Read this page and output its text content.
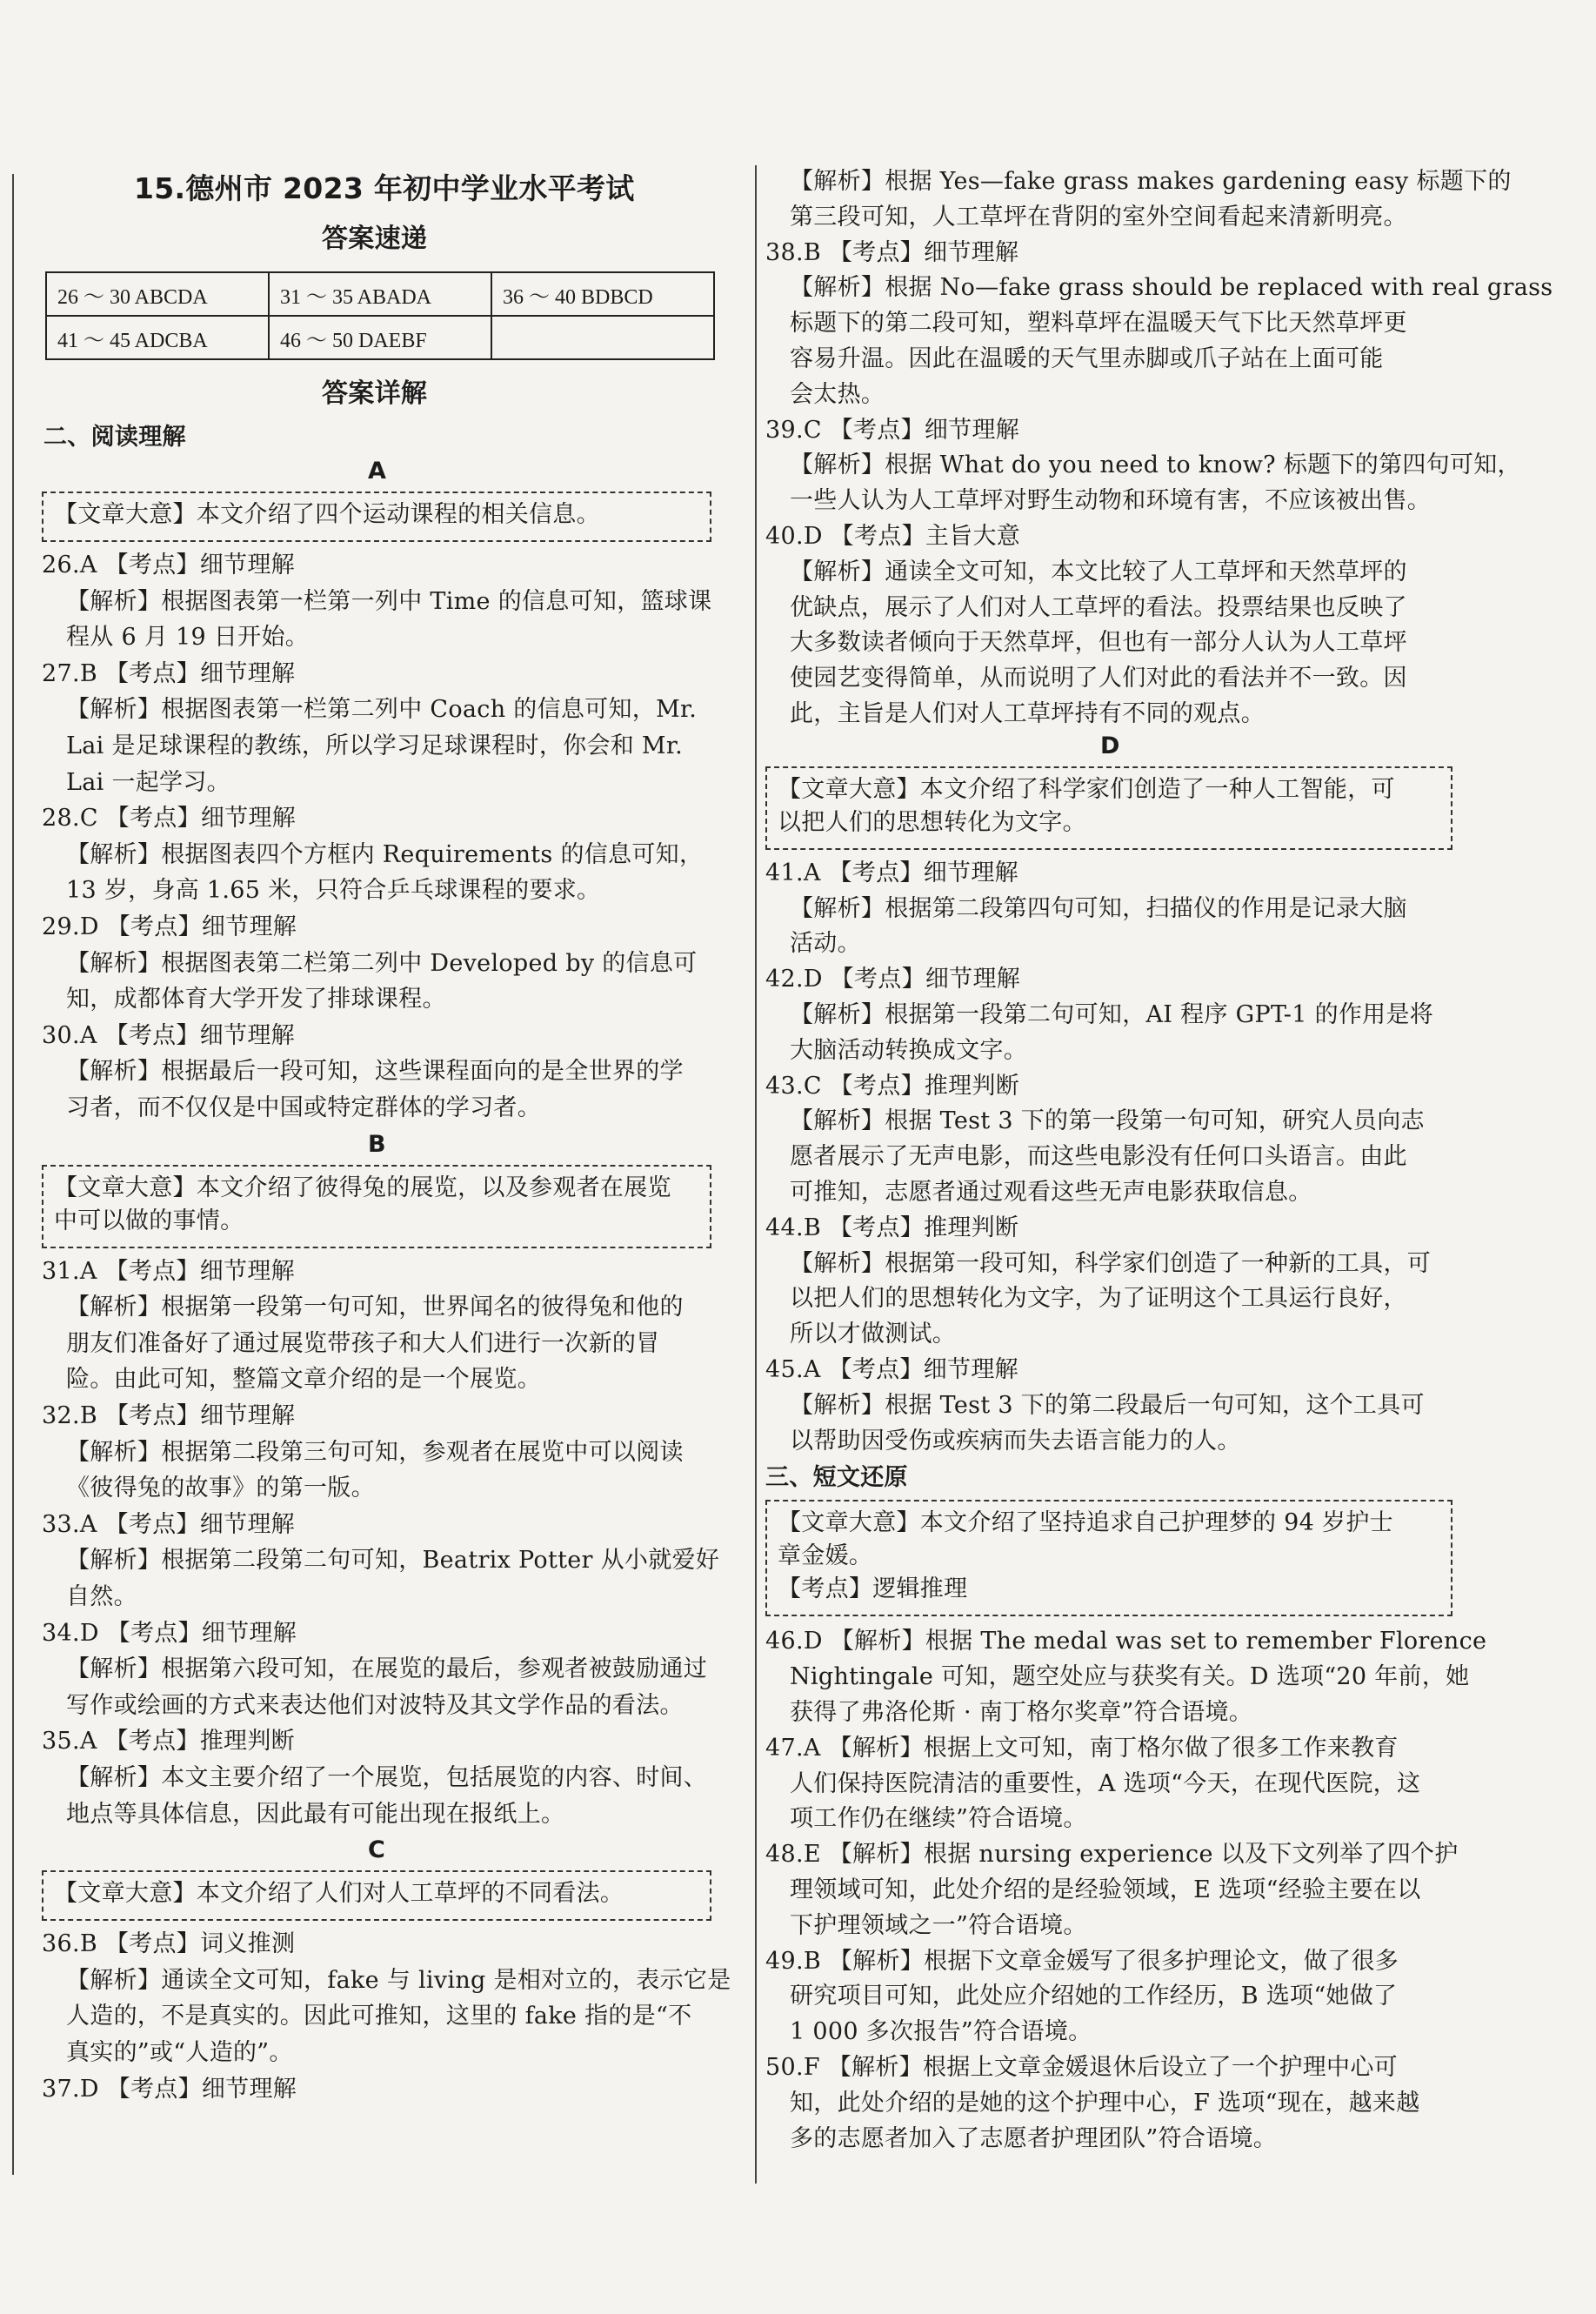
15.德州市 2023 年初中学业水平考试
答案速递
26 ～ 30 ABCDA	31 ～ 35 ABADA	36 ～ 40 BDBCD
41 ～ 45 ADCBA	46 ～ 50 DAEBF	
答案详解
二、阅读理解
A
【文章大意】本文介绍了四个运动课程的相关信息。
26.A 【考点】细节理解
【解析】根据图表第一栏第一列中 Time 的信息可知，篮球课
程从 6 月 19 日开始。
27.B 【考点】细节理解
【解析】根据图表第一栏第二列中 Coach 的信息可知，Mr.
Lai 是足球课程的教练，所以学习足球课程时，你会和 Mr.
Lai 一起学习。
28.C 【考点】细节理解
【解析】根据图表四个方框内 Requirements 的信息可知，
13 岁，身高 1.65 米，只符合乒乓球课程的要求。
29.D 【考点】细节理解
【解析】根据图表第二栏第二列中 Developed by 的信息可
知，成都体育大学开发了排球课程。
30.A 【考点】细节理解
【解析】根据最后一段可知，这些课程面向的是全世界的学
习者，而不仅仅是中国或特定群体的学习者。
B
【文章大意】本文介绍了彼得兔的展览，以及参观者在展览
中可以做的事情。
31.A 【考点】细节理解
【解析】根据第一段第一句可知，世界闻名的彼得兔和他的
朋友们准备好了通过展览带孩子和大人们进行一次新的冒
险。由此可知，整篇文章介绍的是一个展览。
32.B 【考点】细节理解
【解析】根据第二段第三句可知，参观者在展览中可以阅读
《彼得兔的故事》的第一版。
33.A 【考点】细节理解
【解析】根据第二段第二句可知，Beatrix Potter 从小就爱好
自然。
34.D 【考点】细节理解
【解析】根据第六段可知，在展览的最后，参观者被鼓励通过
写作或绘画的方式来表达他们对波特及其文学作品的看法。
35.A 【考点】推理判断
【解析】本文主要介绍了一个展览，包括展览的内容、时间、
地点等具体信息，因此最有可能出现在报纸上。
C
【文章大意】本文介绍了人们对人工草坪的不同看法。
36.B 【考点】词义推测
【解析】通读全文可知，fake 与 living 是相对立的，表示它是
人造的，不是真实的。因此可推知，这里的 fake 指的是“不
真实的”或“人造的”。
37.D 【考点】细节理解
【解析】根据 Yes—fake grass makes gardening easy 标题下的
第三段可知，人工草坪在背阴的室外空间看起来清新明亮。
38.B 【考点】细节理解
【解析】根据 No—fake grass should be replaced with real grass
标题下的第二段可知，塑料草坪在温暖天气下比天然草坪更
容易升温。因此在温暖的天气里赤脚或爪子站在上面可能
会太热。
39.C 【考点】细节理解
【解析】根据 What do you need to know? 标题下的第四句可知，
一些人认为人工草坪对野生动物和环境有害，不应该被出售。
40.D 【考点】主旨大意
【解析】通读全文可知，本文比较了人工草坪和天然草坪的
优缺点，展示了人们对人工草坪的看法。投票结果也反映了
大多数读者倾向于天然草坪，但也有一部分人认为人工草坪
使园艺变得简单，从而说明了人们对此的看法并不一致。因
此，主旨是人们对人工草坪持有不同的观点。
D
【文章大意】本文介绍了科学家们创造了一种人工智能，可
以把人们的思想转化为文字。
41.A 【考点】细节理解
【解析】根据第二段第四句可知，扫描仪的作用是记录大脑
活动。
42.D 【考点】细节理解
【解析】根据第一段第二句可知，AI 程序 GPT-1 的作用是将
大脑活动转换成文字。
43.C 【考点】推理判断
【解析】根据 Test 3 下的第一段第一句可知，研究人员向志
愿者展示了无声电影，而这些电影没有任何口头语言。由此
可推知，志愿者通过观看这些无声电影获取信息。
44.B 【考点】推理判断
【解析】根据第一段可知，科学家们创造了一种新的工具，可
以把人们的思想转化为文字，为了证明这个工具运行良好，
所以才做测试。
45.A 【考点】细节理解
【解析】根据 Test 3 下的第二段最后一句可知，这个工具可
以帮助因受伤或疾病而失去语言能力的人。
三、短文还原
【文章大意】本文介绍了坚持追求自己护理梦的 94 岁护士
章金媛。
【考点】逻辑推理
46.D 【解析】根据 The medal was set to remember Florence
Nightingale 可知，题空处应与获奖有关。D 选项“20 年前，她
获得了弗洛伦斯 · 南丁格尔奖章”符合语境。
47.A 【解析】根据上文可知，南丁格尔做了很多工作来教育
人们保持医院清洁的重要性，A 选项“今天，在现代医院，这
项工作仍在继续”符合语境。
48.E 【解析】根据 nursing experience 以及下文列举了四个护
理领域可知，此处介绍的是经验领域，E 选项“经验主要在以
下护理领域之一”符合语境。
49.B 【解析】根据下文章金媛写了很多护理论文，做了很多
研究项目可知，此处应介绍她的工作经历，B 选项“她做了
1 000 多次报告”符合语境。
50.F 【解析】根据上文章金媛退休后设立了一个护理中心可
知，此处介绍的是她的这个护理中心，F 选项“现在，越来越
多的志愿者加入了志愿者护理团队”符合语境。
